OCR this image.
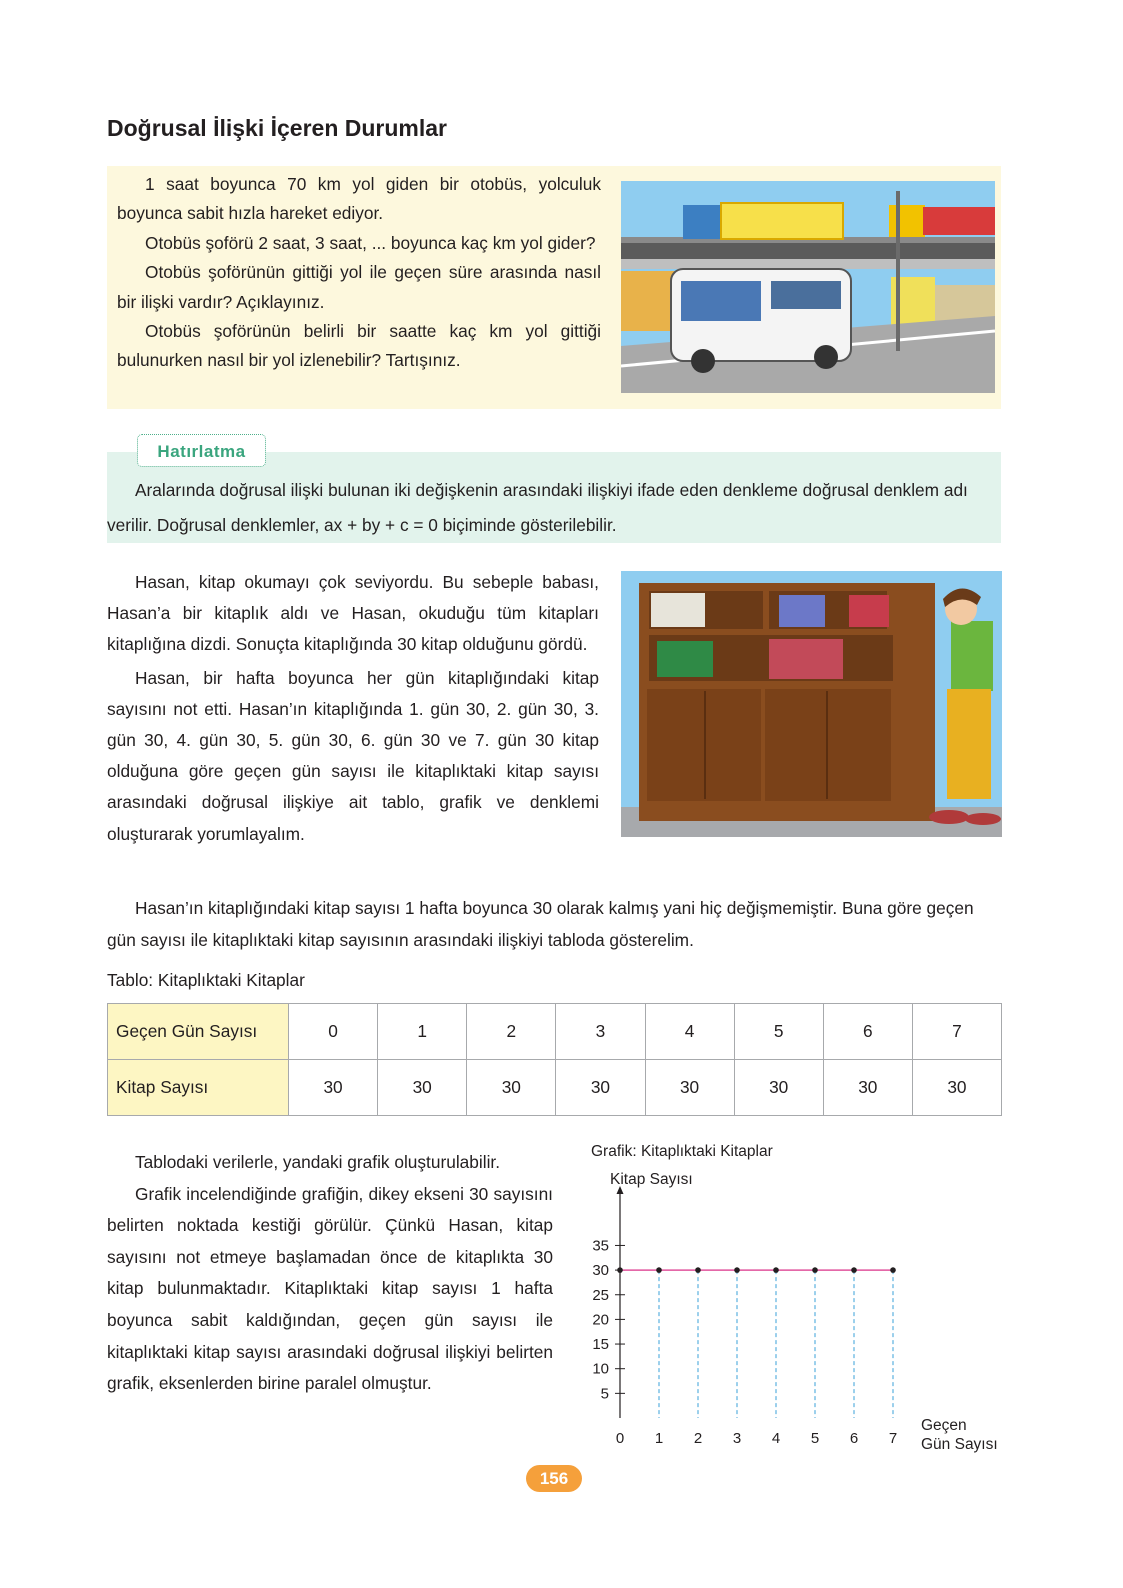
Doğrusal İlişki İçeren Durumlar

1 saat boyunca 70 km yol giden bir otobüs, yolculuk boyunca sabit hızla hareket ediyor.

Otobüs şoförü 2 saat, 3 saat, ... boyunca kaç km yol gider?

Otobüs şoförünün gittiği yol ile geçen süre arasında nasıl bir ilişki vardır? Açıklayınız.

Otobüs şoförünün belirli bir saatte kaç km yol gittiği bulunurken nasıl bir yol izlenebilir? Tartışınız.

Hatırlatma

Aralarında doğrusal ilişki bulunan iki değişkenin arasındaki ilişkiyi ifade eden denkleme doğrusal denklem adı verilir. Doğrusal denklemler, ax + by + c = 0 biçiminde gösterilebilir.

Hasan, kitap okumayı çok seviyordu. Bu sebeple babası, Hasan’a bir kitaplık aldı ve Hasan, okuduğu tüm kitapları kitaplığına dizdi. Sonuçta kitaplığında 30 kitap olduğunu gördü.

Hasan, bir hafta boyunca her gün kitaplığındaki kitap sayısını not etti. Hasan’ın kitaplığında 1. gün 30, 2. gün 30, 3. gün 30, 4. gün 30, 5. gün 30, 6. gün 30 ve 7. gün 30 kitap olduğuna göre geçen gün sayısı ile kitaplıktaki kitap sayısı arasındaki doğrusal ilişkiye ait tablo, grafik ve denklemi oluşturarak yorumlayalım.

Hasan’ın kitaplığındaki kitap sayısı 1 hafta boyunca 30 olarak kalmış yani hiç değişmemiştir. Buna göre geçen gün sayısı ile kitaplıktaki kitap sayısının arasındaki ilişkiyi tabloda gösterelim.

Tablo: Kitaplıktaki Kitaplar
Geçen Gün Sayısı	0	1	2	3	4	5	6	7
Kitap Sayısı	30	30	30	30	30	30	30	30

Tablodaki verilerle, yandaki grafik oluşturulabilir.

Grafik incelendiğinde grafiğin, dikey ekseni 30 sayısını belirten noktada kestiği görülür. Çünkü Hasan, kitap sayısını not etmeye başlamadan önce de kitaplıkta 30 kitap bulunmaktadır. Kitaplıktaki kitap sayısı 1 hafta boyunca sabit kaldığından, geçen gün sayısı ile kitaplıktaki kitap sayısı arasındaki doğrusal ilişkiyi belirten grafik, eksenlerden birine paralel olmuştur.

Grafik: Kitaplıktaki Kitaplar
Kitap Sayısı
5
10
15
20
25
30
35
0 1 2 3 4 5 6 7
Geçen
Gün Sayısı
156
